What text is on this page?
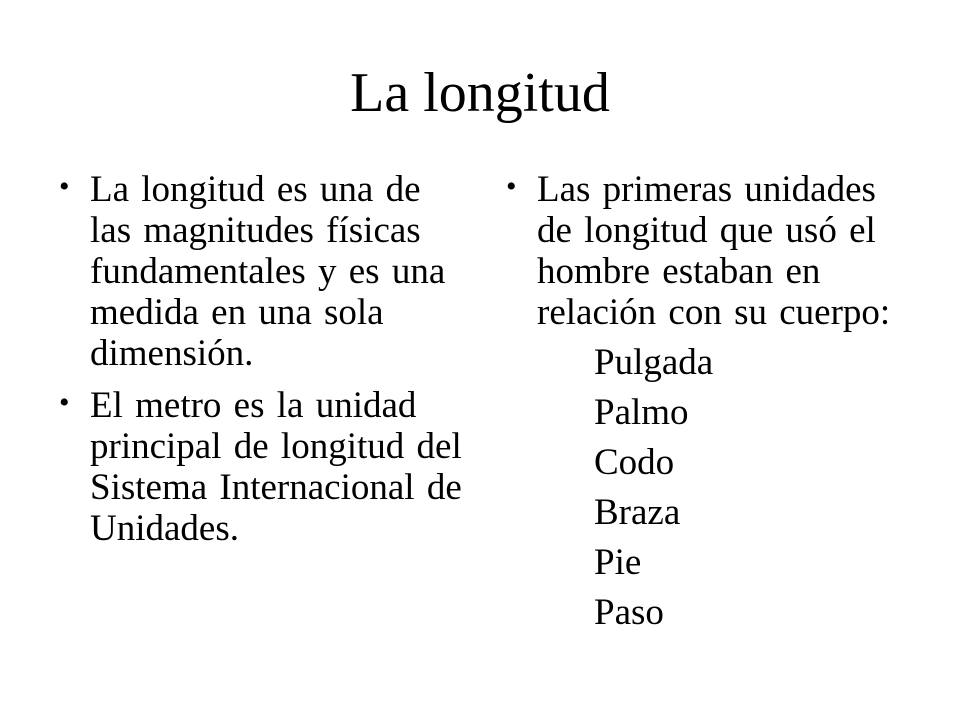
La longitud
• La longitud es una de
las magnitudes físicas
fundamentales y es una
medida en una sola
dimensión.
• El metro es la unidad
principal de longitud del
Sistema Internacional de
Unidades.
• Las primeras unidades
de longitud que usó el
hombre estaban en
relación con su cuerpo:
Pulgada
Palmo
Codo
Braza
Pie
Paso
